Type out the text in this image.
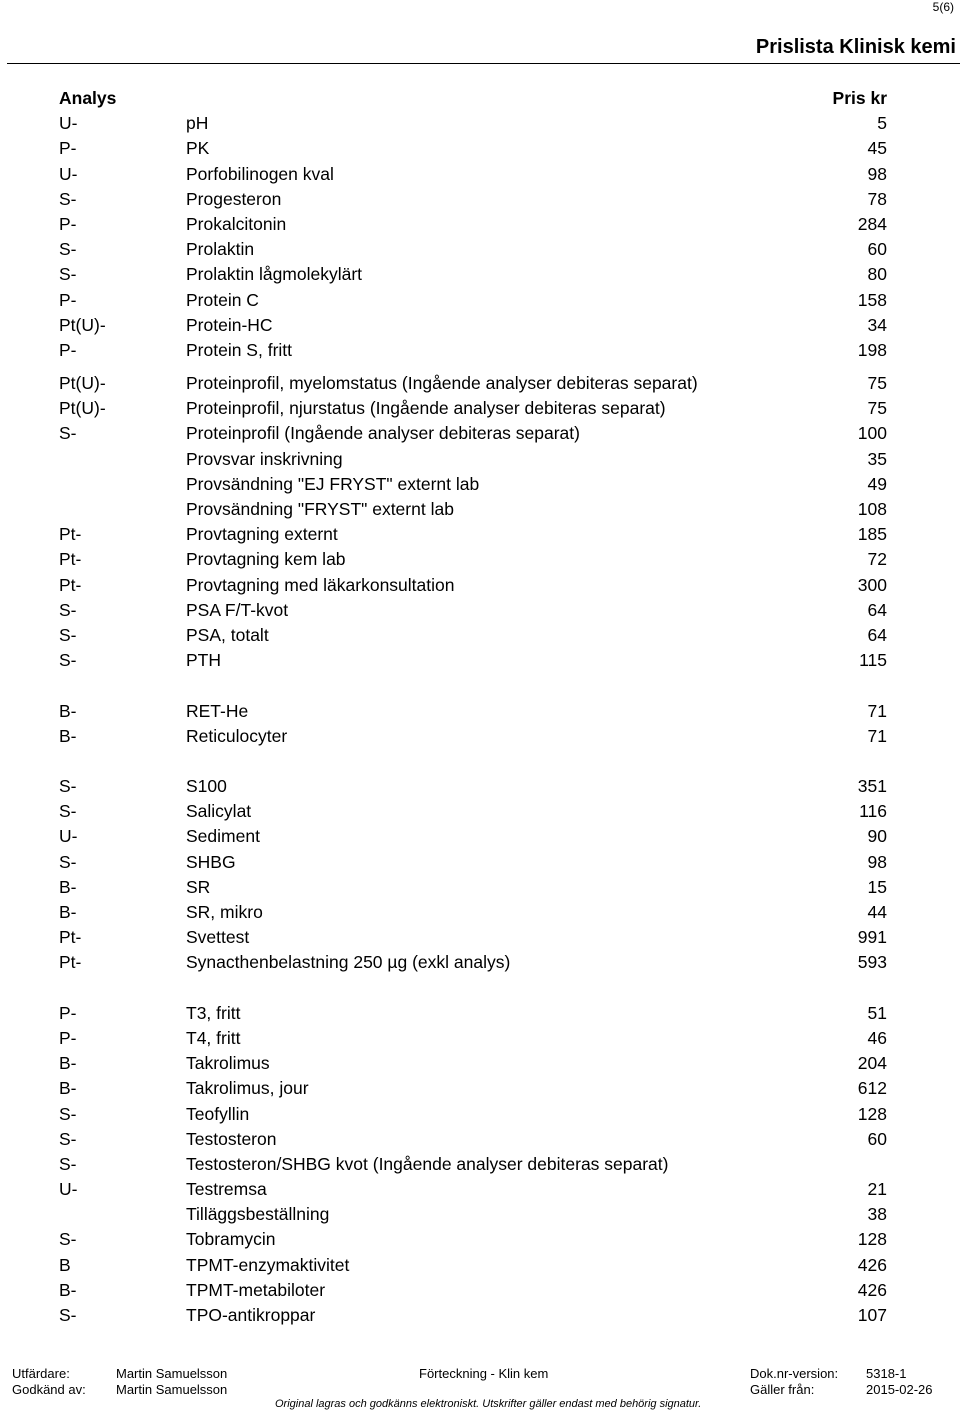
5(6)
Prislista Klinisk kemi
Analys	Pris kr
U-	pH	5
P-	PK	45
U-	Porfobilinogen kval	98
S-	Progesteron	78
P-	Prokalcitonin	284
S-	Prolaktin	60
S-	Prolaktin lågmolekylärt	80
P-	Protein C	158
Pt(U)-	Protein-HC	34
P-	Protein S, fritt	198
Pt(U)-	Proteinprofil, myelomstatus (Ingående analyser debiteras separat)	75
Pt(U)-	Proteinprofil, njurstatus (Ingående analyser debiteras separat)	75
S-	Proteinprofil (Ingående analyser debiteras separat)	100
Provsvar inskrivning	35
Provsändning "EJ FRYST" externt lab	49
Provsändning "FRYST" externt lab	108
Pt-	Provtagning externt	185
Pt-	Provtagning kem lab	72
Pt-	Provtagning med läkarkonsultation	300
S-	PSA F/T-kvot	64
S-	PSA, totalt	64
S-	PTH	115
B-	RET-He	71
B-	Reticulocyter	71
S-	S100	351
S-	Salicylat	116
U-	Sediment	90
S-	SHBG	98
B-	SR	15
B-	SR, mikro	44
Pt-	Svettest	991
Pt-	Synacthenbelastning 250 µg (exkl analys)	593
P-	T3, fritt	51
P-	T4, fritt	46
B-	Takrolimus	204
B-	Takrolimus, jour	612
S-	Teofyllin	128
S-	Testosteron	60
S-	Testosteron/SHBG kvot (Ingående analyser debiteras separat)
U-	Testremsa	21
Tilläggsbeställning	38
S-	Tobramycin	128
B	TPMT-enzymaktivitet	426
B-	TPMT-metabiloter	426
S-	TPO-antikroppar	107
Utfärdare:	Martin Samuelsson
Godkänd av: Martin Samuelsson
Förteckning - Klin kem	Dok.nr-version: 5318-1
Gäller från:	2015-02-26
Original lagras och godkänns elektroniskt. Utskrifter gäller endast med behörig signatur.
